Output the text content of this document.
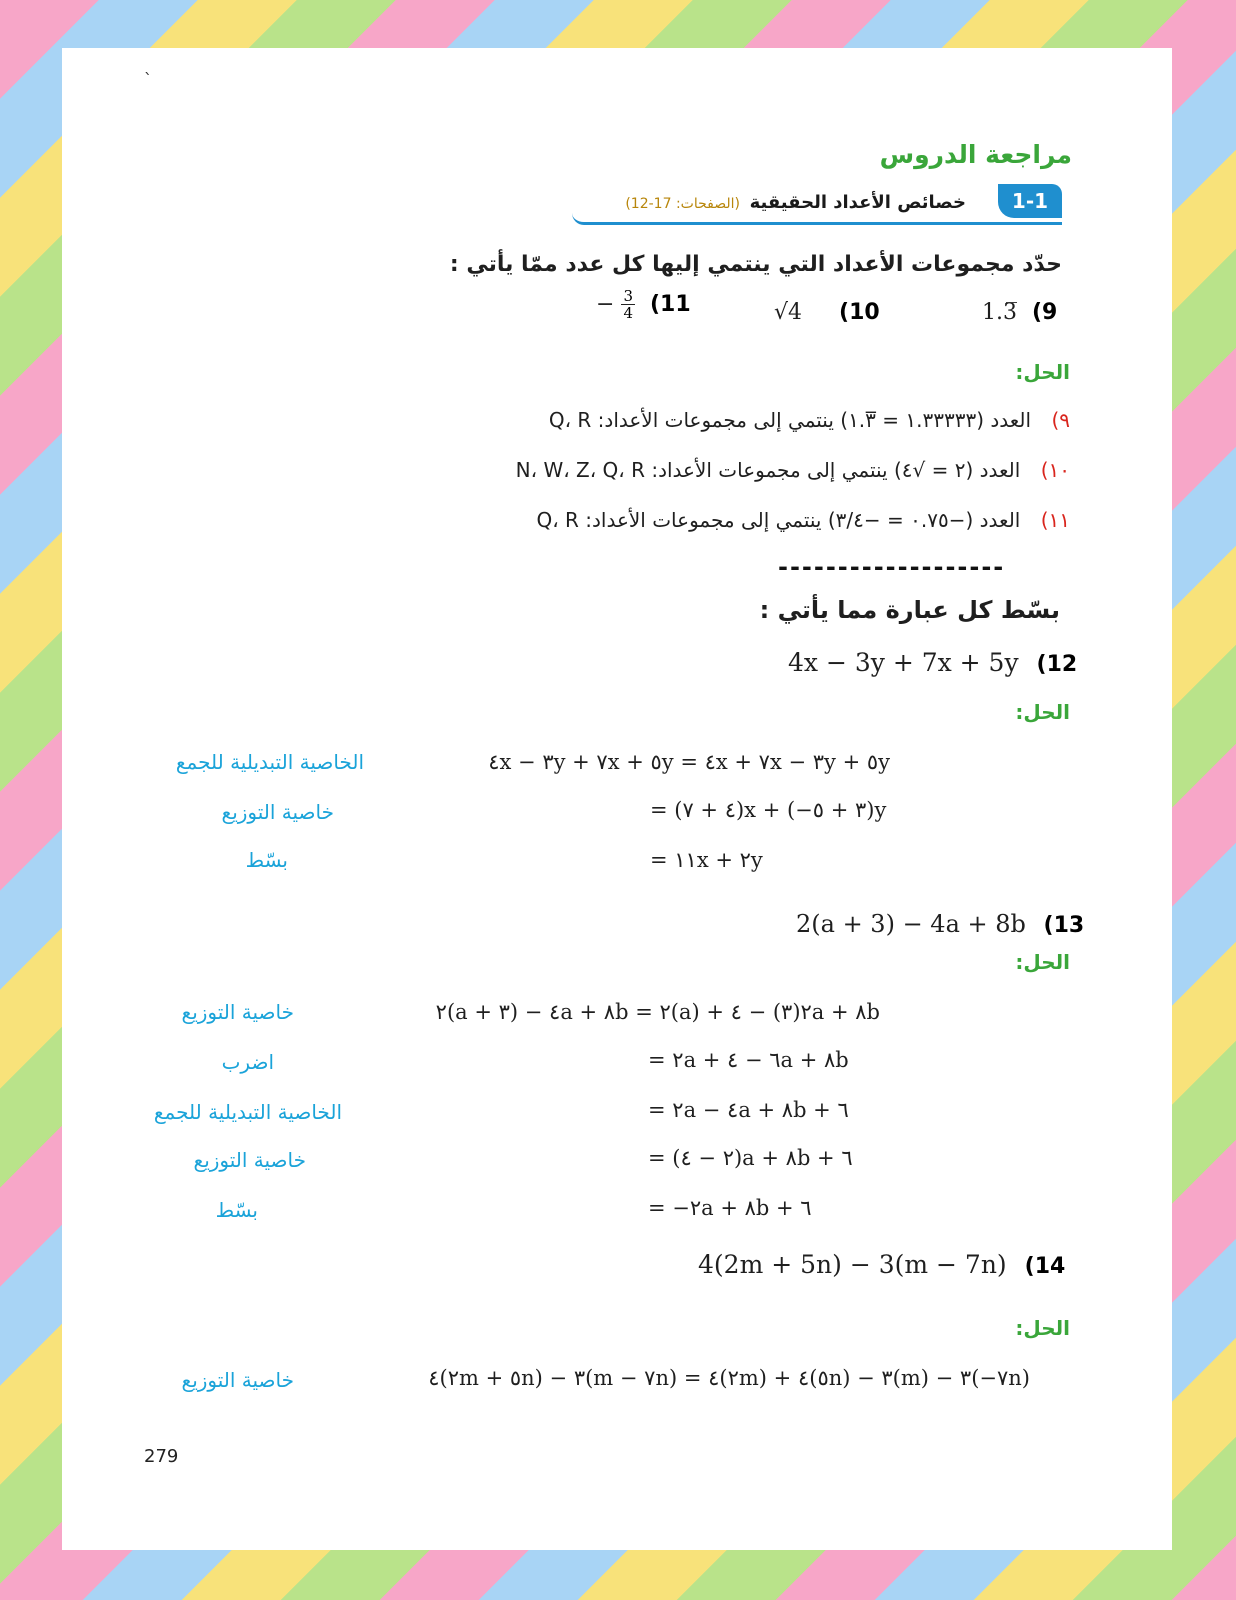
`
مراجعة الدروس
1-1
خصائص الأعداد الحقيقية
(الصفحات: 17-12)
حدّد مجموعات الأعداد التي ينتمي إليها كل عدد ممّا يأتي :
1.3̅ (9
√4 (10
− $\frac{3}{4} (11$
الحل:
٩) العدد (١.٣٣٣٣٣ = ١.٣̅) ينتمي إلى مجموعات الأعداد: Q، R
١٠) العدد (٢ = √٤) ينتمي إلى مجموعات الأعداد: N، W، Z، Q، R
١١) العدد (−٠.٧٥ = −٣/٤) ينتمي إلى مجموعات الأعداد: Q، R
-------------------
بسّط كل عبارة مما يأتي :
4x − 3y + 7x + 5y (12
الحل:
٤x − ٣y + ٧x + ٥y = ٤x + ٧x − ٣y + ٥y
الخاصية التبديلية للجمع
= (٤ + ٧)x + (−٣ + ٥)y
خاصية التوزيع
= ١١x + ٢y
بسّط
2(a + 3) − 4a + 8b (13
الحل:
٢(a + ٣) − ٤a + ٨b = ٢(a) + ٢(٣) − ٤a + ٨b
خاصية التوزيع
= ٢a + ٦ − ٤a + ٨b
اضرب
= ٢a − ٤a + ٨b + ٦
الخاصية التبديلية للجمع
= (٢ − ٤)a + ٨b + ٦
خاصية التوزيع
= −٢a + ٨b + ٦
بسّط
4(2m + 5n) − 3(m − 7n) (14
الحل:
٤(٢m + ٥n) − ٣(m − ٧n) = ٤(٢m) + ٤(٥n) − ٣(m) − ٣(−٧n)
خاصية التوزيع
279
